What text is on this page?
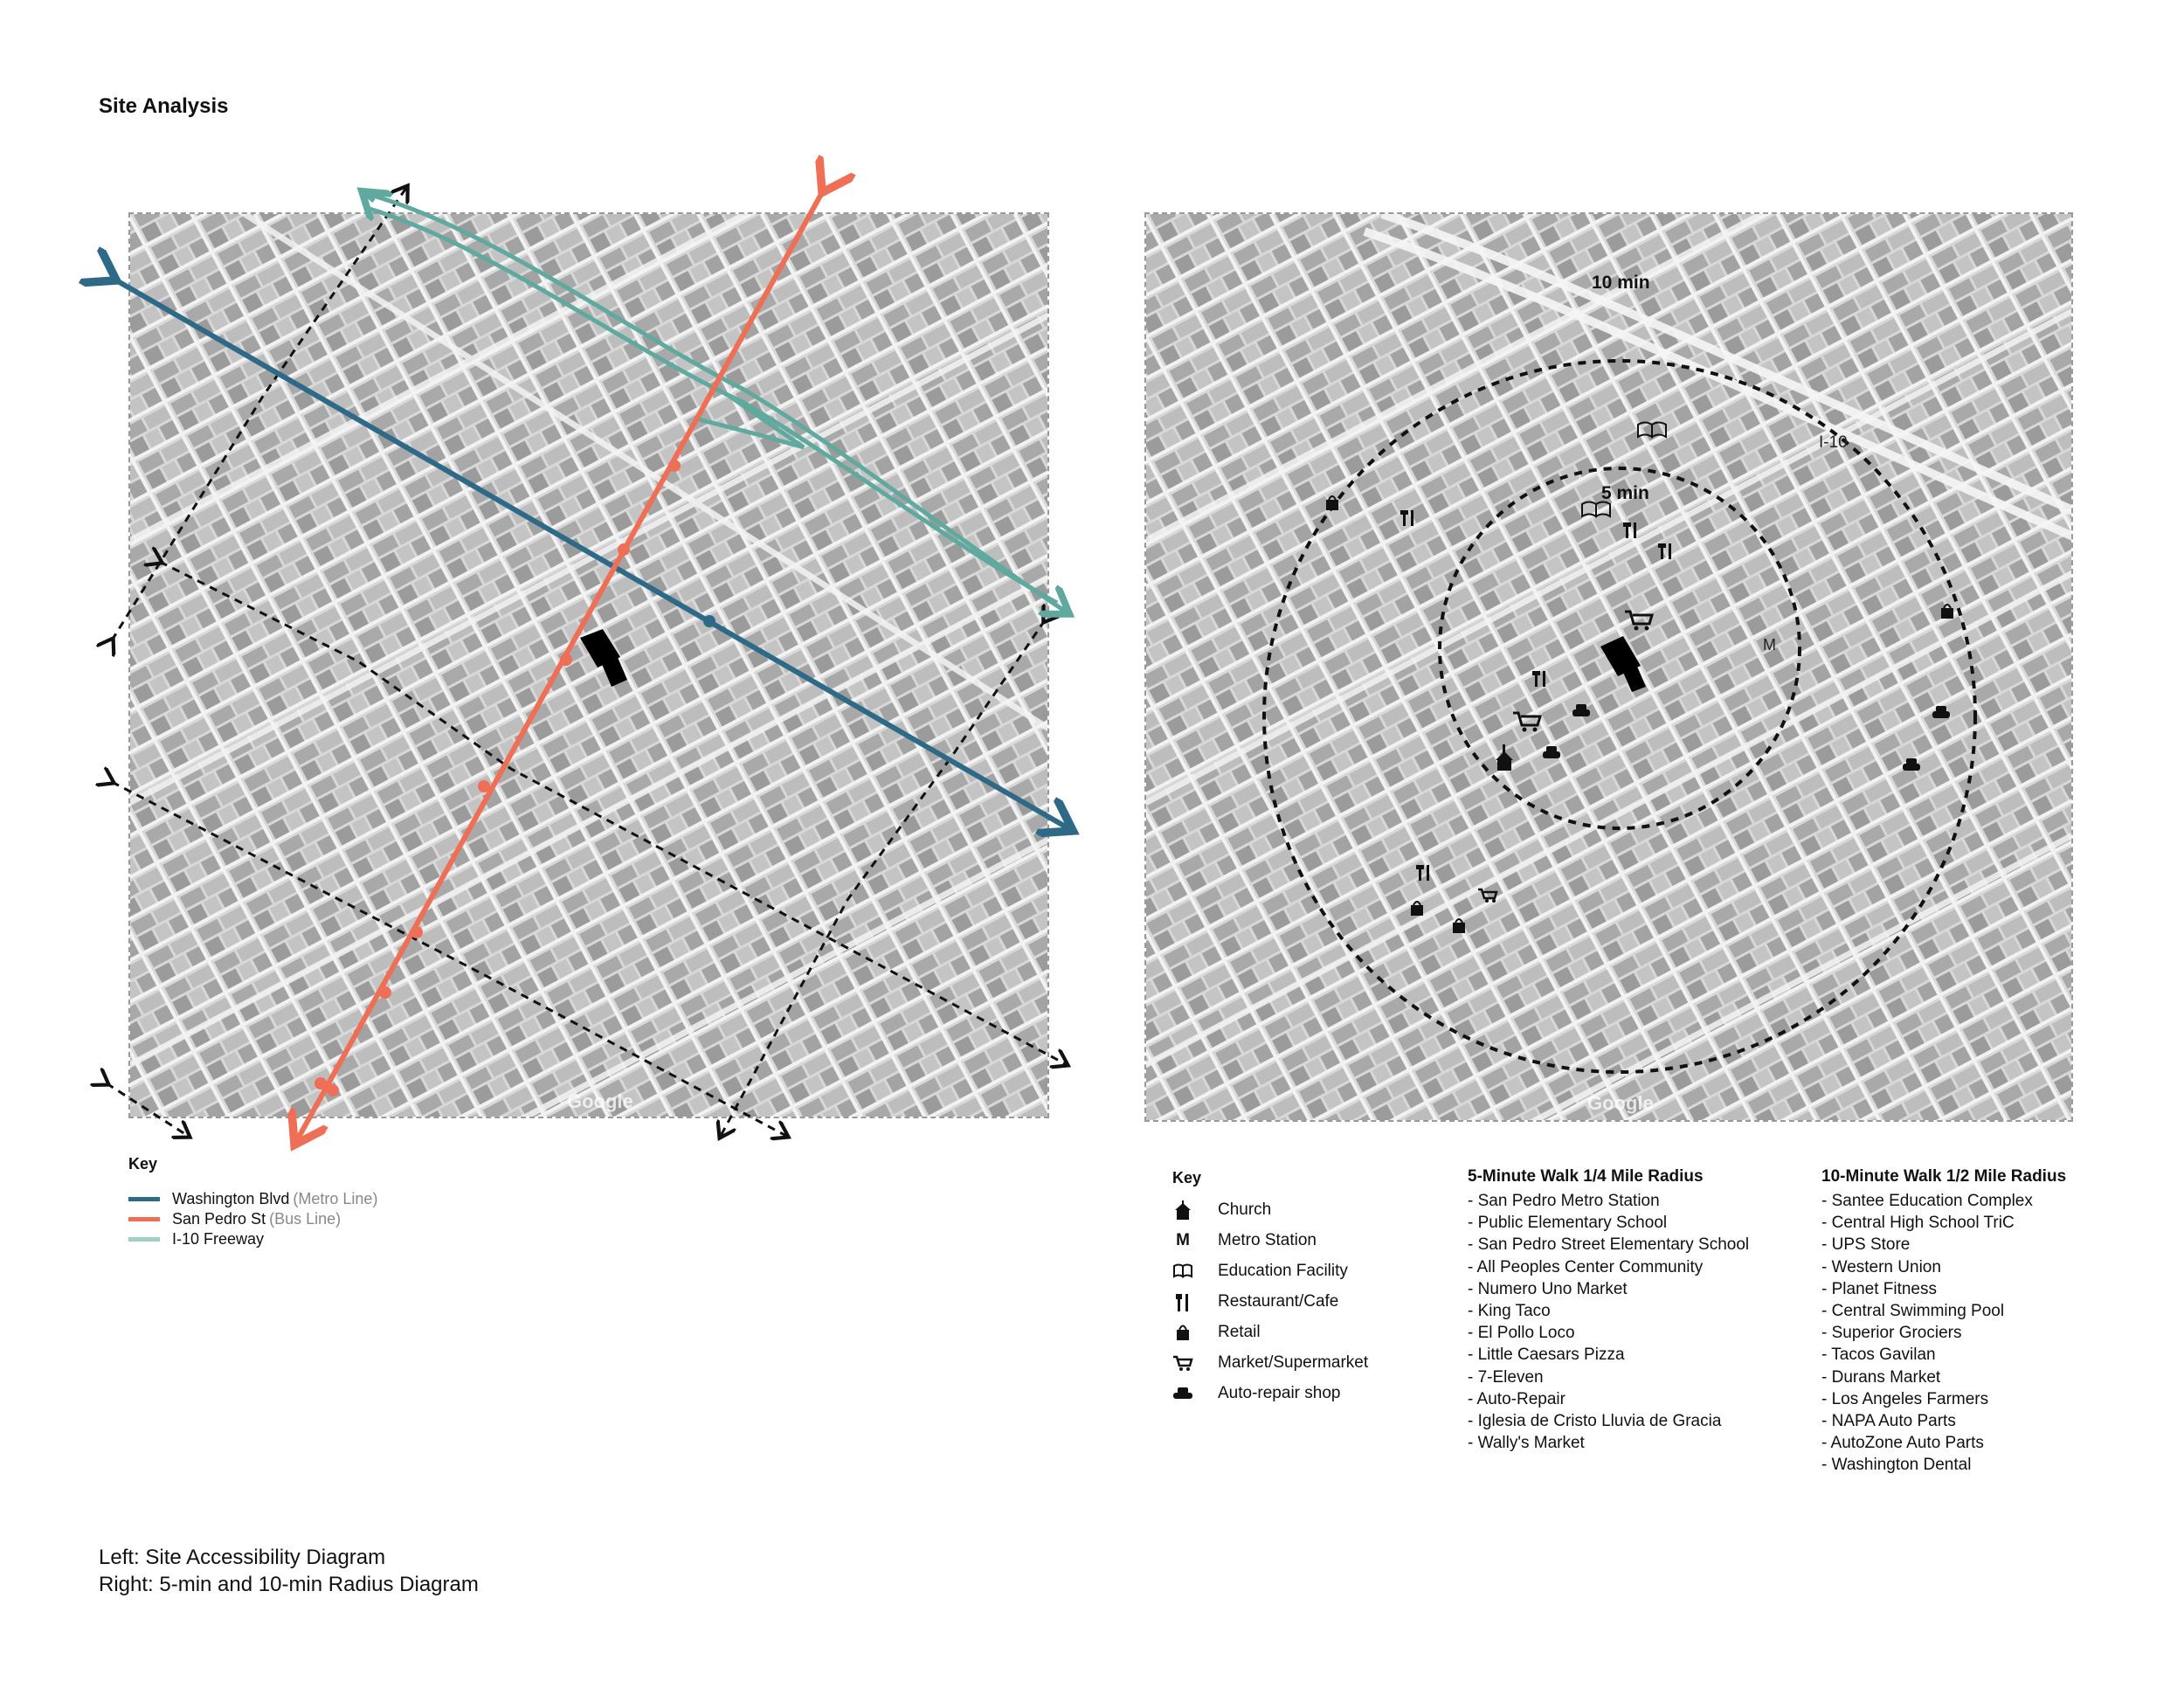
Site Analysis
Google
Key
Washington Blvd (Metro Line)
San Pedro St (Bus Line)
I-10 Freeway
Google
10 min
5 min
I-10
M
Key
Church
M Metro Station
Education Facility
Restaurant/Cafe
Retail
Market/Supermarket
Auto-repair shop
5-Minute Walk 1/4 Mile Radius
- San Pedro Metro Station
- Public Elementary School
- San Pedro Street Elementary School
- All Peoples Center Community
- Numero Uno Market
- King Taco
- El Pollo Loco
- Little Caesars Pizza
- 7-Eleven
- Auto-Repair
- Iglesia de Cristo Lluvia de Gracia
- Wally's Market
10-Minute Walk 1/2 Mile Radius
- Santee Education Complex
- Central High School TriC
- UPS Store
- Western Union
- Planet Fitness
- Central Swimming Pool
- Superior Grociers
- Tacos Gavilan
- Durans Market
- Los Angeles Farmers
- NAPA Auto Parts
- AutoZone Auto Parts
- Washington Dental
Left: Site Accessibility Diagram
Right: 5-min and 10-min Radius Diagram
